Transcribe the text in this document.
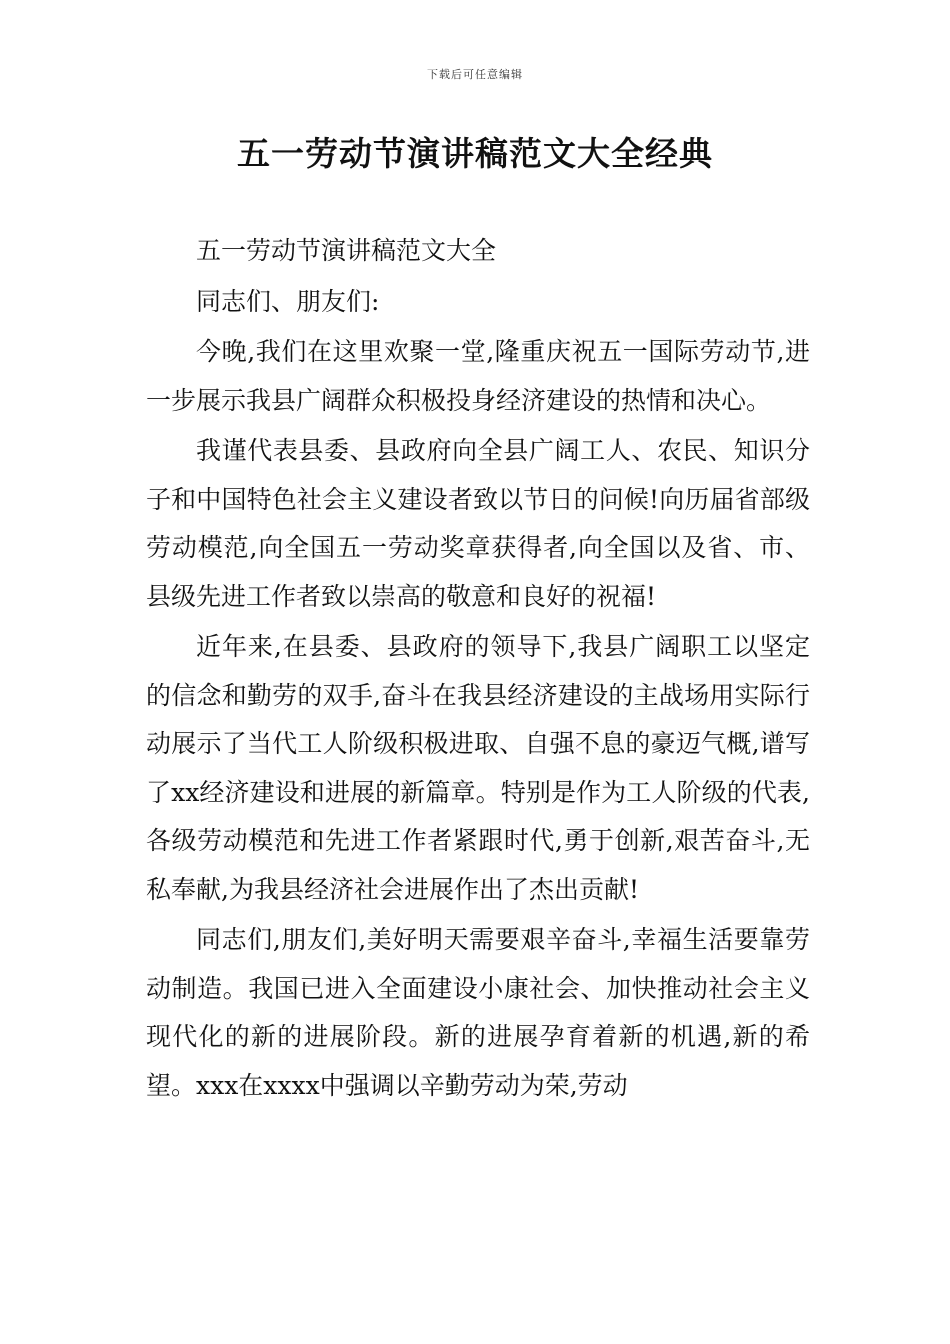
下载后可任意编辑
五一劳动节演讲稿范文大全经典

五一劳动节演讲稿范文大全

同志们、朋友们:

今晚,我们在这里欢聚一堂,隆重庆祝五一国际劳动节,进一步展示我县广阔群众积极投身经济建设的热情和决心。

我谨代表县委、县政府向全县广阔工人、农民、知识分子和中国特色社会主义建设者致以节日的问候!向历届省部级劳动模范,向全国五一劳动奖章获得者,向全国以及省、市、县级先进工作者致以崇高的敬意和良好的祝福!

近年来,在县委、县政府的领导下,我县广阔职工以坚定的信念和勤劳的双手,奋斗在我县经济建设的主战场用实际行动展示了当代工人阶级积极进取、自强不息的豪迈气概,谱写了xx经济建设和进展的新篇章。特别是作为工人阶级的代表,各级劳动模范和先进工作者紧跟时代,勇于创新,艰苦奋斗,无私奉献,为我县经济社会进展作出了杰出贡献!

同志们,朋友们,美好明天需要艰辛奋斗,幸福生活要靠劳动制造。我国已进入全面建设小康社会、加快推动社会主义现代化的新的进展阶段。新的进展孕育着新的机遇,新的希望。xxx在xxxx中强调以辛勤劳动为荣,劳动
